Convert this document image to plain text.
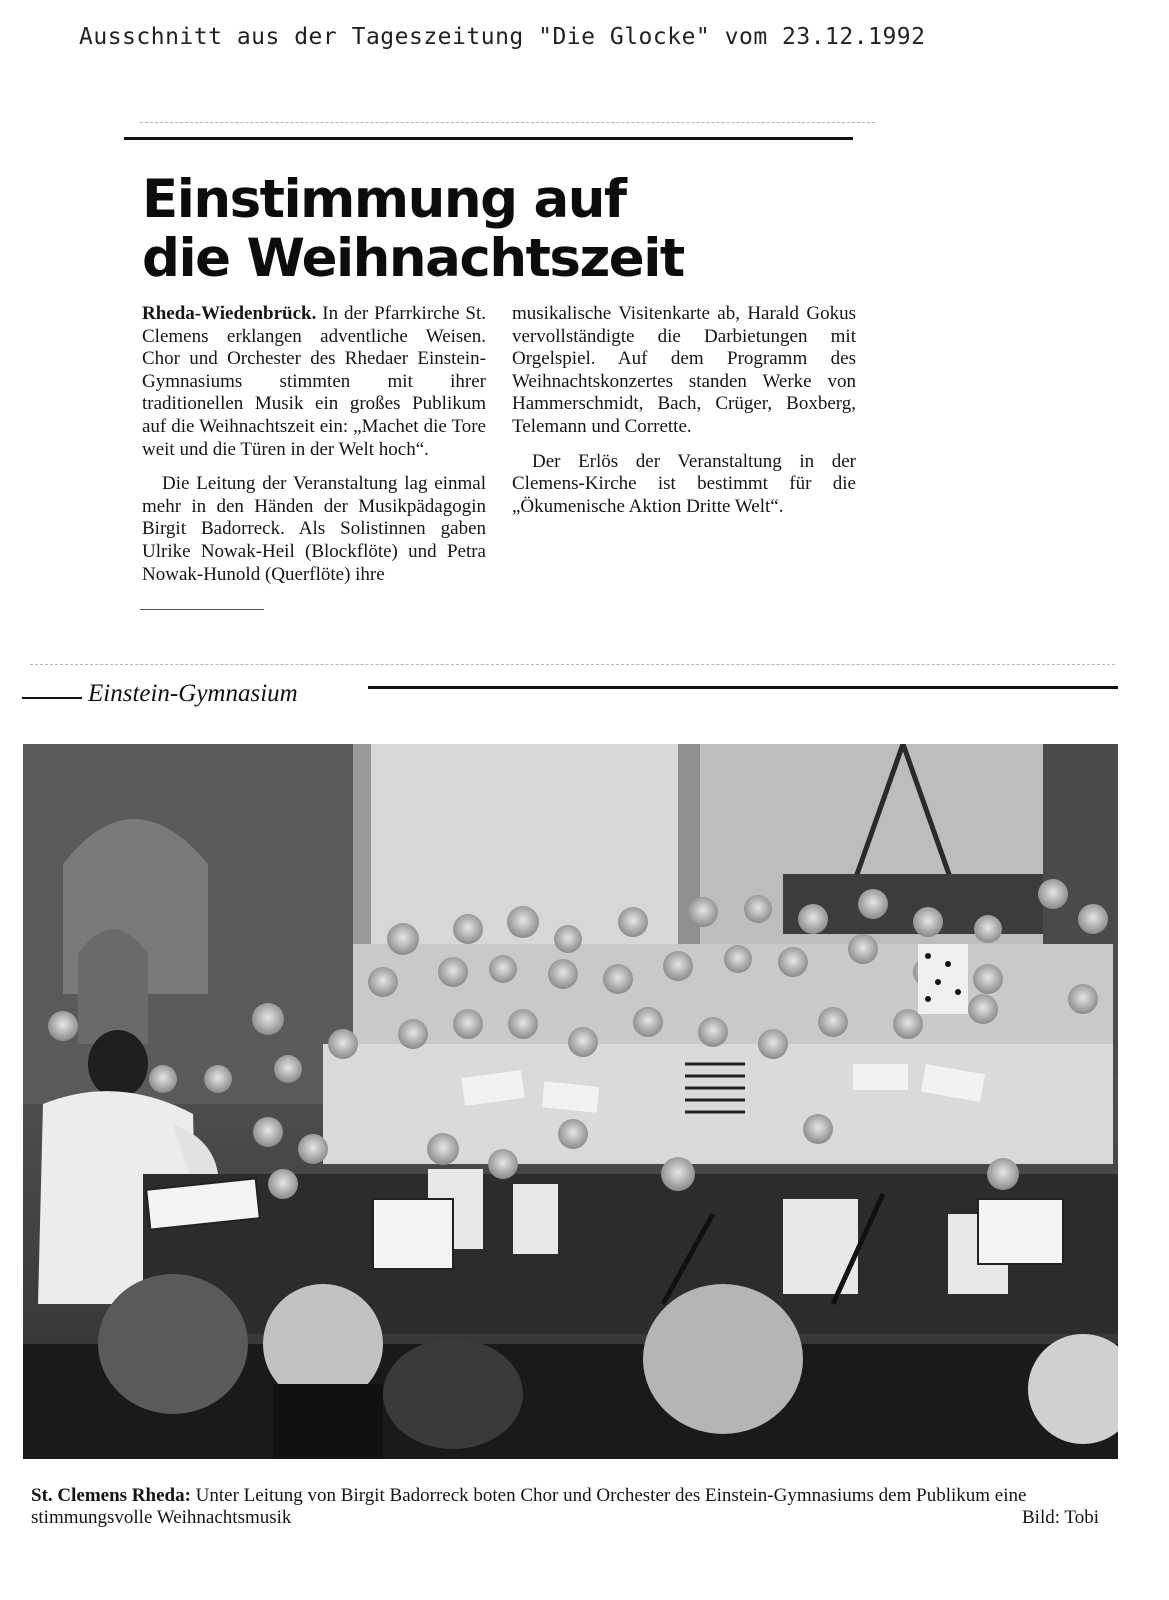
Ausschnitt aus der Tageszeitung "Die Glocke" vom 23.12.1992
Einstimmung auf
die Weihnachtszeit

Rheda-Wiedenbrück. In der Pfarrkirche St. Clemens erklangen adventliche Weisen. Chor und Orchester des Rhedaer Einstein-Gymnasiums stimmten mit ihrer traditionellen Musik ein großes Publikum auf die Weihnachtszeit ein: „Machet die Tore weit und die Türen in der Welt hoch“.

Die Leitung der Veranstaltung lag einmal mehr in den Händen der Musikpädagogin Birgit Badorreck. Als Solistinnen gaben Ulrike Nowak-Heil (Blockflöte) und Petra Nowak-Hunold (Querflöte) ihre

musikalische Visitenkarte ab, Harald Gokus vervollständigte die Darbietungen mit Orgelspiel. Auf dem Programm des Weihnachtskonzertes standen Werke von Hammerschmidt, Bach, Crüger, Boxberg, Telemann und Corrette.

Der Erlös der Veranstaltung in der Clemens-Kirche ist bestimmt für die „Ökumenische Aktion Dritte Welt“.

Einstein-Gymnasium
St. Clemens Rheda: Unter Leitung von Birgit Badorreck boten Chor und Orchester des Einstein-Gymnasiums dem Publikum eine stimmungsvolle Weihnachtsmusik	Bild: Tobi
